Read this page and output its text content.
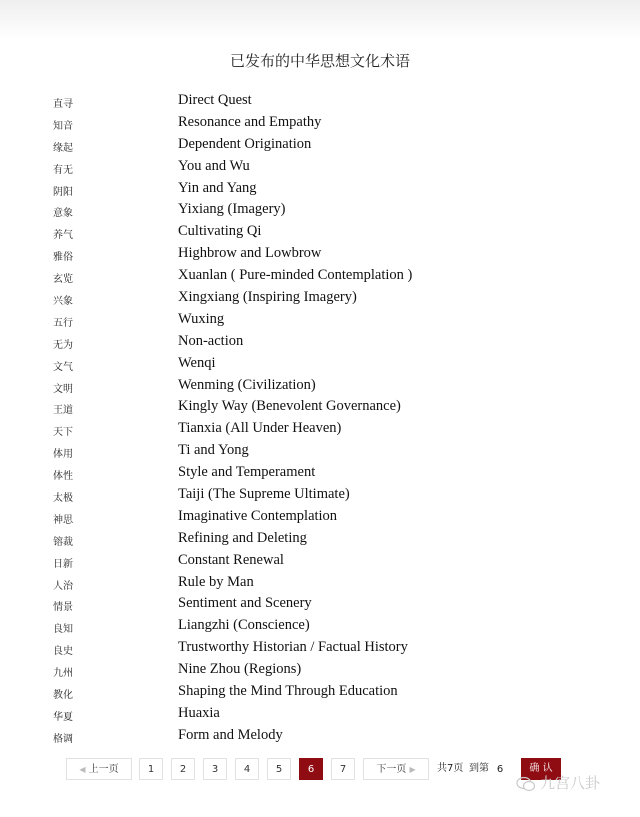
已发布的中华思想文化术语
直寻	Direct Quest
知音	Resonance and Empathy
缘起	Dependent Origination
有无	You and Wu
阴阳	Yin and Yang
意象	Yixiang (Imagery)
养气	Cultivating Qi
雅俗	Highbrow and Lowbrow
玄览	Xuanlan ( Pure-minded Contemplation )
兴象	Xingxiang (Inspiring Imagery)
五行	Wuxing
无为	Non-action
文气	Wenqi
文明	Wenming (Civilization)
王道	Kingly Way (Benevolent Governance)
天下	Tianxia (All Under Heaven)
体用	Ti and Yong
体性	Style and Temperament
太极	Taiji (The Supreme Ultimate)
神思	Imaginative Contemplation
镕裁	Refining and Deleting
日新	Constant Renewal
人治	Rule by Man
情景	Sentiment and Scenery
良知	Liangzhi (Conscience)
良史	Trustworthy Historian / Factual History
九州	Nine Zhou (Regions)
教化	Shaping the Mind Through Education
华夏	Huaxia
格调	Form and Melody
◀ 上一页	1	2	3	4	5	6	7	下一页 ▶	共7页 到第
6	确 认
九宫八卦
